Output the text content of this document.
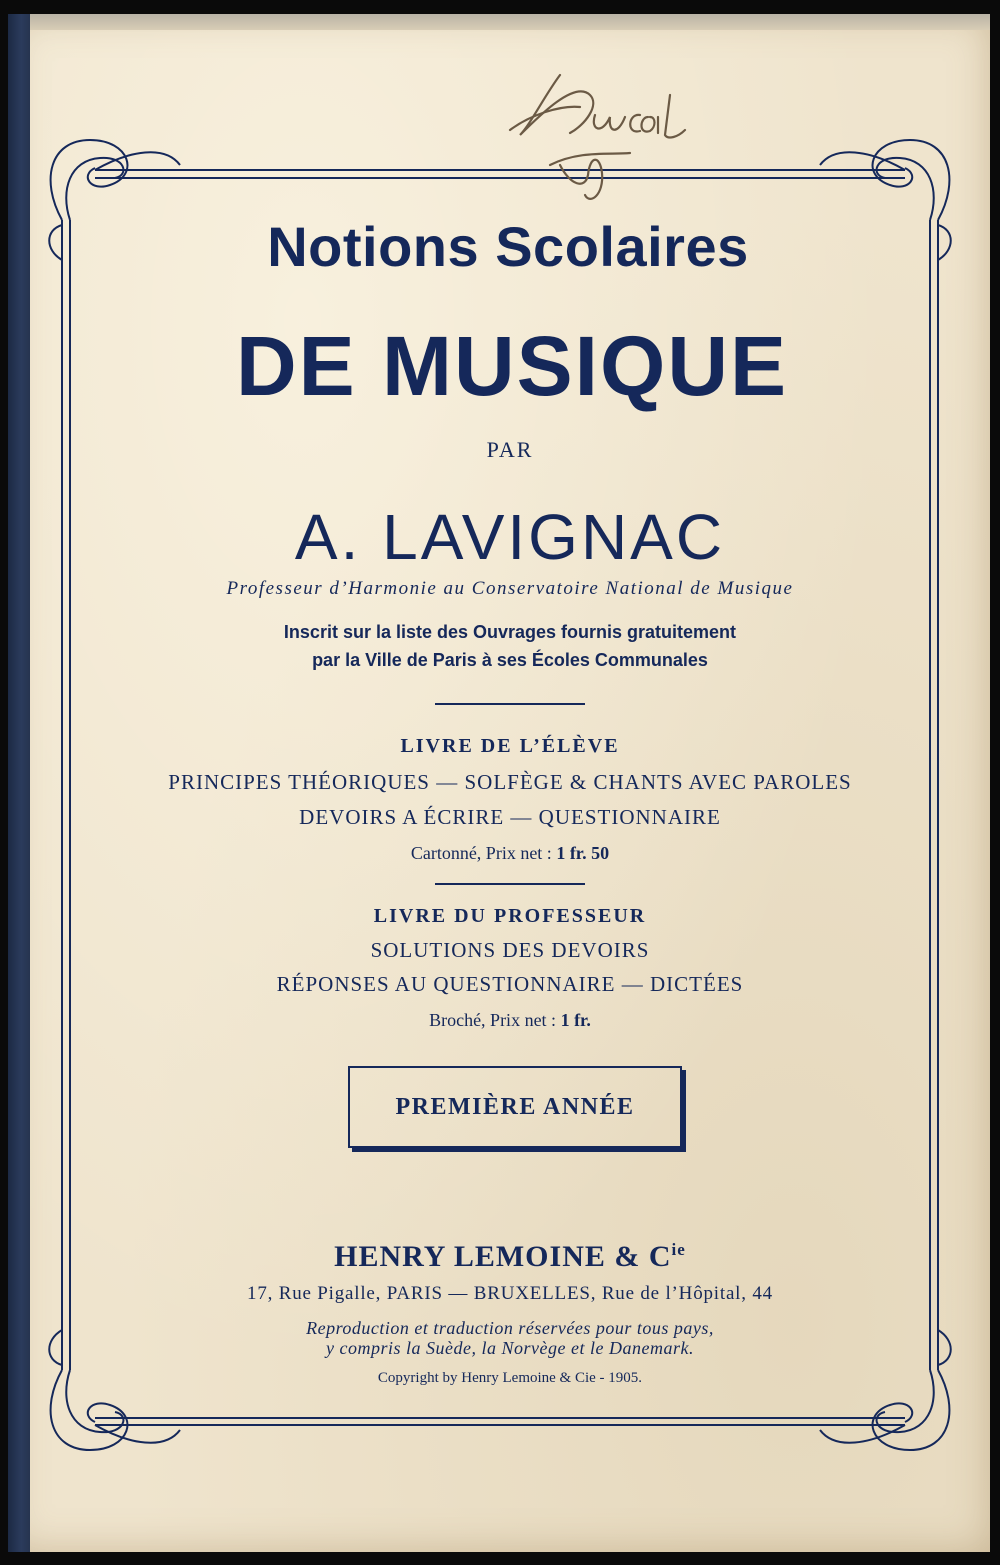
Notions Scolaires

DE MUSIQUE

PAR

A. LAVIGNAC

Professeur d’Harmonie au Conservatoire National de Musique

Inscrit sur la liste des Ouvrages fournis gratuitement

par la Ville de Paris à ses Écoles Communales

LIVRE DE L’ÉLÈVE

PRINCIPES THÉORIQUES — SOLFÈGE & CHANTS AVEC PAROLES

DEVOIRS A ÉCRIRE — QUESTIONNAIRE

Cartonné, Prix net : 1 fr. 50

LIVRE DU PROFESSEUR

SOLUTIONS DES DEVOIRS

RÉPONSES AU QUESTIONNAIRE — DICTÉES

Broché, Prix net : 1 fr.

PREMIÈRE ANNÉE

HENRY LEMOINE & $C^{ie}$

17, Rue Pigalle, PARIS — BRUXELLES, Rue de l’Hôpital, 44

Reproduction et traduction réservées pour tous pays,

y compris la Suède, la Norvège et le Danemark.

Copyright by Henry Lemoine & Cie - 1905.
